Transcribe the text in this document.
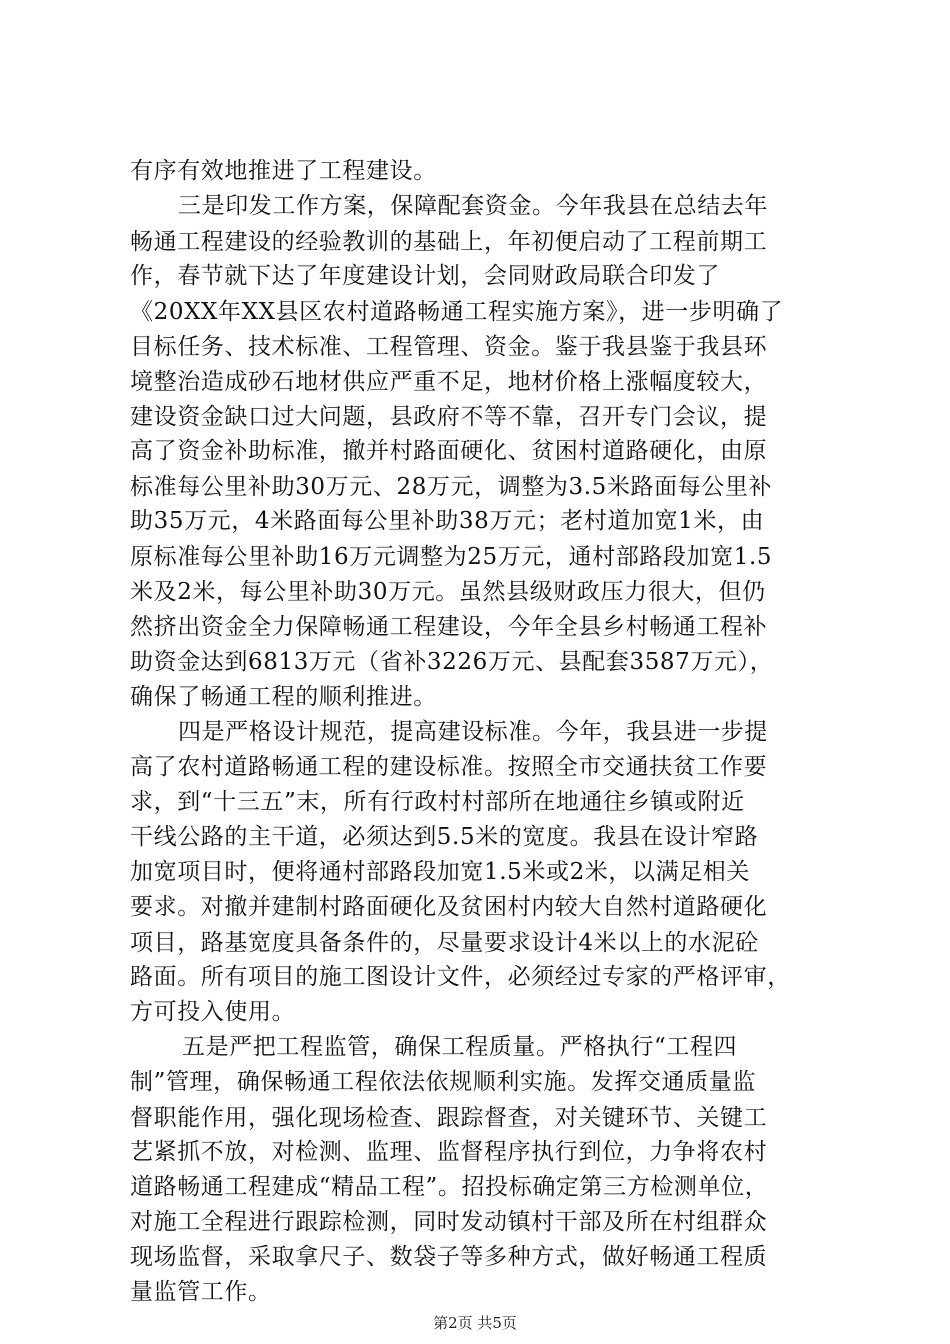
有序有效地推进了工程建设。
三是印发工作方案，保障配套资金。今年我县在总结去年
畅通工程建设的经验教训的基础上，年初便启动了工程前期工
作，春节就下达了年度建设计划，会同财政局联合印发了
《20XX年XX县区农村道路畅通工程实施方案》，进一步明确了
目标任务、技术标准、工程管理、资金。鉴于我县鉴于我县环
境整治造成砂石地材供应严重不足，地材价格上涨幅度较大，
建设资金缺口过大问题，县政府不等不靠，召开专门会议，提
高了资金补助标准，撤并村路面硬化、贫困村道路硬化，由原
标准每公里补助30万元、28万元，调整为3.5米路面每公里补
助35万元，4米路面每公里补助38万元；老村道加宽1米，由
原标准每公里补助16万元调整为25万元，通村部路段加宽1.5
米及2米，每公里补助30万元。虽然县级财政压力很大，但仍
然挤出资金全力保障畅通工程建设，今年全县乡村畅通工程补
助资金达到6813万元（省补3226万元、县配套3587万元），
确保了畅通工程的顺利推进。
四是严格设计规范，提高建设标准。今年，我县进一步提
高了农村道路畅通工程的建设标准。按照全市交通扶贫工作要
求，到“十三五”末，所有行政村村部所在地通往乡镇或附近
干线公路的主干道，必须达到5.5米的宽度。我县在设计窄路
加宽项目时，便将通村部路段加宽1.5米或2米，以满足相关
要求。对撤并建制村路面硬化及贫困村内较大自然村道路硬化
项目，路基宽度具备条件的，尽量要求设计4米以上的水泥砼
路面。所有项目的施工图设计文件，必须经过专家的严格评审，
方可投入使用。
五是严把工程监管，确保工程质量。严格执行“工程四
制”管理，确保畅通工程依法依规顺利实施。发挥交通质量监
督职能作用，强化现场检查、跟踪督查，对关键环节、关键工
艺紧抓不放，对检测、监理、监督程序执行到位，力争将农村
道路畅通工程建成“精品工程”。招投标确定第三方检测单位，
对施工全程进行跟踪检测，同时发动镇村干部及所在村组群众
现场监督，采取拿尺子、数袋子等多种方式，做好畅通工程质
量监管工作。
第2页 共5页
